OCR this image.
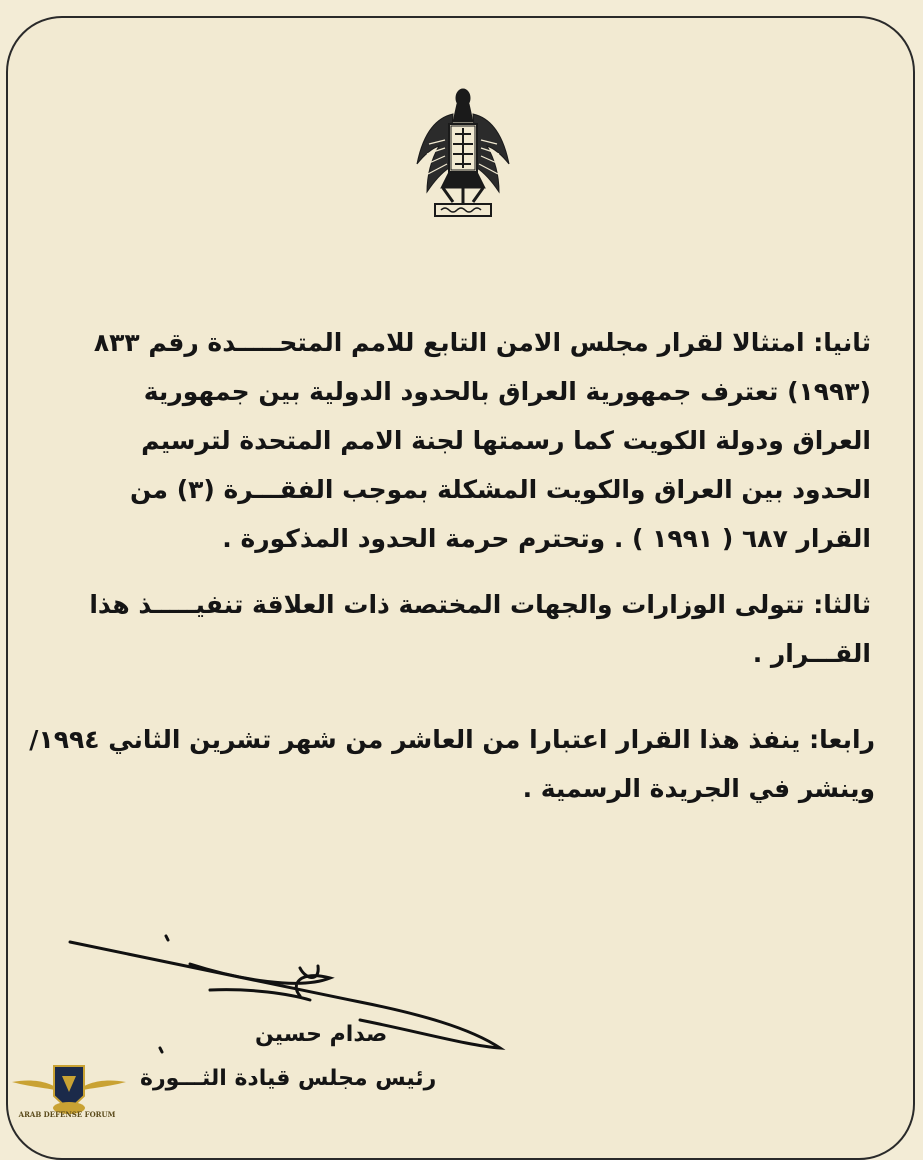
ثانيا: امتثالا لقرار مجلس الامن التابع للامم المتحـــــدة رقم ٨٣٣
(١٩٩٣) تعترف جمهورية العراق بالحدود الدولية بين جمهورية
العراق ودولة الكويت كما رسمتها لجنة الامم المتحدة لترسيم
الحدود بين العراق والكويت المشكلة بموجب الفقـــرة (٣) من
القرار ٦٨٧ ( ١٩٩١ ) . وتحترم حرمة الحدود المذكورة .
ثالثا: تتولى الوزارات والجهات المختصة ذات العلاقة تنفيـــــذ هذا
القـــرار .
رابعا: ينفذ هذا القرار اعتبارا من العاشر من شهر تشرين الثاني ١٩٩٤/
وينشر في الجريدة الرسمية .
صدام حسين
رئيس مجلس قيادة الثـــورة
ARAB DEFENSE FORUM
